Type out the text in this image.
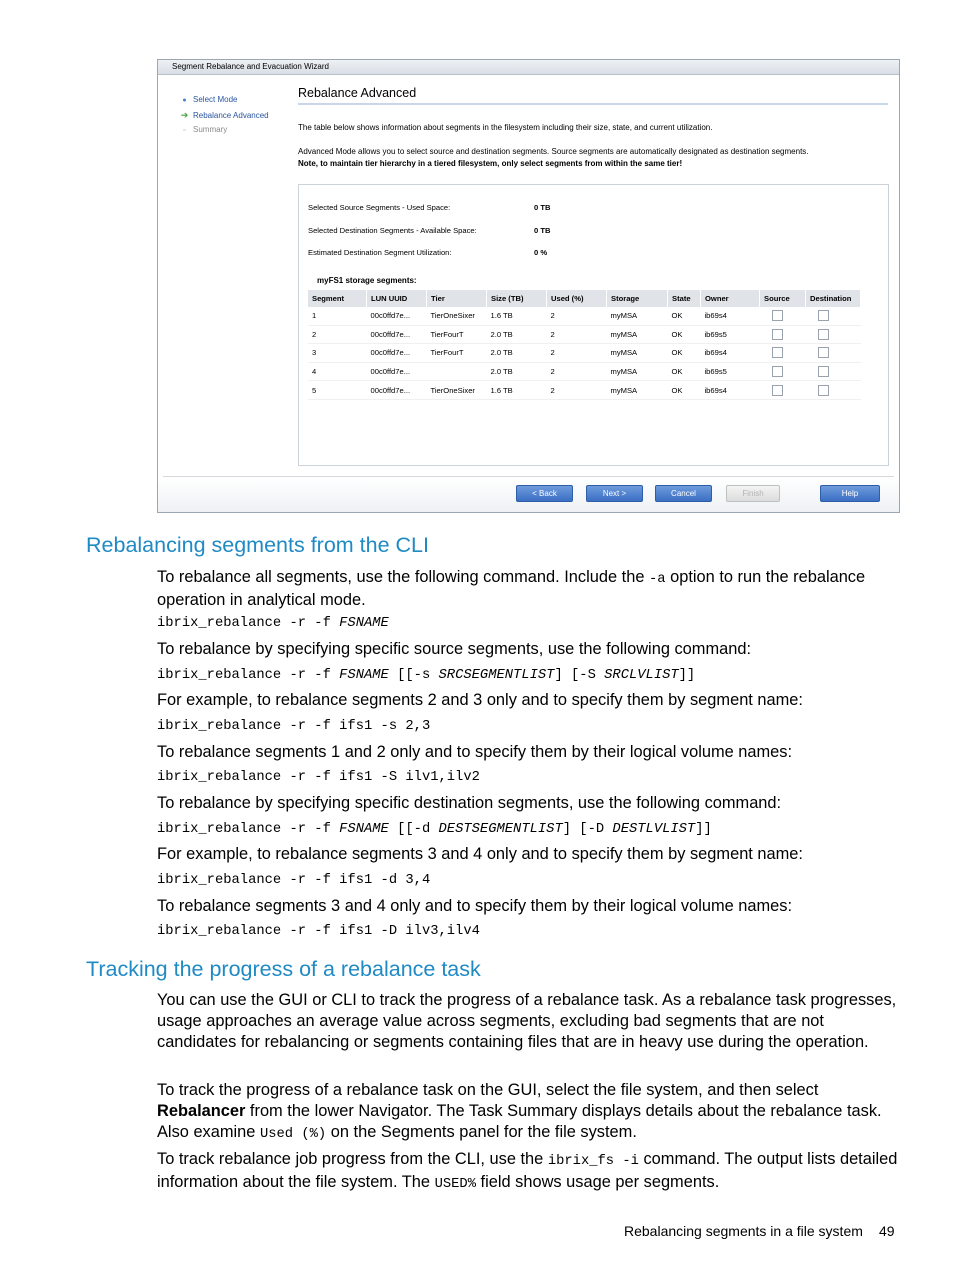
Segment Rebalance and Evacuation Wizard
● Select Mode
➔ Rebalance Advanced
▫ Summary
Rebalance Advanced
The table below shows information about segments in the filesystem including their size, state, and current utilization.
Advanced Mode allows you to select source and destination segments. Source segments are automatically designated as destination segments.
Note, to maintain tier hierarchy in a tiered filesystem, only select segments from within the same tier!
Selected Source Segments - Used Space:	0 TB
Selected Destination Segments - Available Space:	0 TB
Estimated Destination Segment Utilization:	0 %
myFS1 storage segments:
Segment	LUN UUID	Tier	Size (TB)	Used (%)	Storage	State	Owner	Source	Destination
1	00c0ffd7e...	TierOneSixer	1.6 TB	2	myMSA	OK	ib69s4		
2	00c0ffd7e...	TierFourT	2.0 TB	2	myMSA	OK	ib69s5		
3	00c0ffd7e...	TierFourT	2.0 TB	2	myMSA	OK	ib69s4		
4	00c0ffd7e...		2.0 TB	2	myMSA	OK	ib69s5		
5	00c0ffd7e...	TierOneSixer	1.6 TB	2	myMSA	OK	ib69s4		
< Back	Next >	Cancel	Finish	Help
Rebalancing segments from the CLI

To rebalance all segments, use the following command. Include the -a option to run the rebalance operation in analytical mode.

ibrix_rebalance -r -f FSNAME

To rebalance by specifying specific source segments, use the following command:

ibrix_rebalance -r -f FSNAME [[-s SRCSEGMENTLIST] [-S SRCLVLIST]]

For example, to rebalance segments 2 and 3 only and to specify them by segment name:

ibrix_rebalance -r -f ifs1 -s 2,3

To rebalance segments 1 and 2 only and to specify them by their logical volume names:

ibrix_rebalance -r -f ifs1 -S ilv1,ilv2

To rebalance by specifying specific destination segments, use the following command:

ibrix_rebalance -r -f FSNAME [[-d DESTSEGMENTLIST] [-D DESTLVLIST]]

For example, to rebalance segments 3 and 4 only and to specify them by segment name:

ibrix_rebalance -r -f ifs1 -d 3,4

To rebalance segments 3 and 4 only and to specify them by their logical volume names:

ibrix_rebalance -r -f ifs1 -D ilv3,ilv4

Tracking the progress of a rebalance task

You can use the GUI or CLI to track the progress of a rebalance task. As a rebalance task progresses, usage approaches an average value across segments, excluding bad segments that are not candidates for rebalancing or segments containing files that are in heavy use during the operation.

To track the progress of a rebalance task on the GUI, select the file system, and then select Rebalancer from the lower Navigator. The Task Summary displays details about the rebalance task. Also examine Used (%) on the Segments panel for the file system.

To track rebalance job progress from the CLI, use the ibrix_fs -i command. The output lists detailed information about the file system. The USED% field shows usage per segments.

Rebalancing segments in a file system 49
